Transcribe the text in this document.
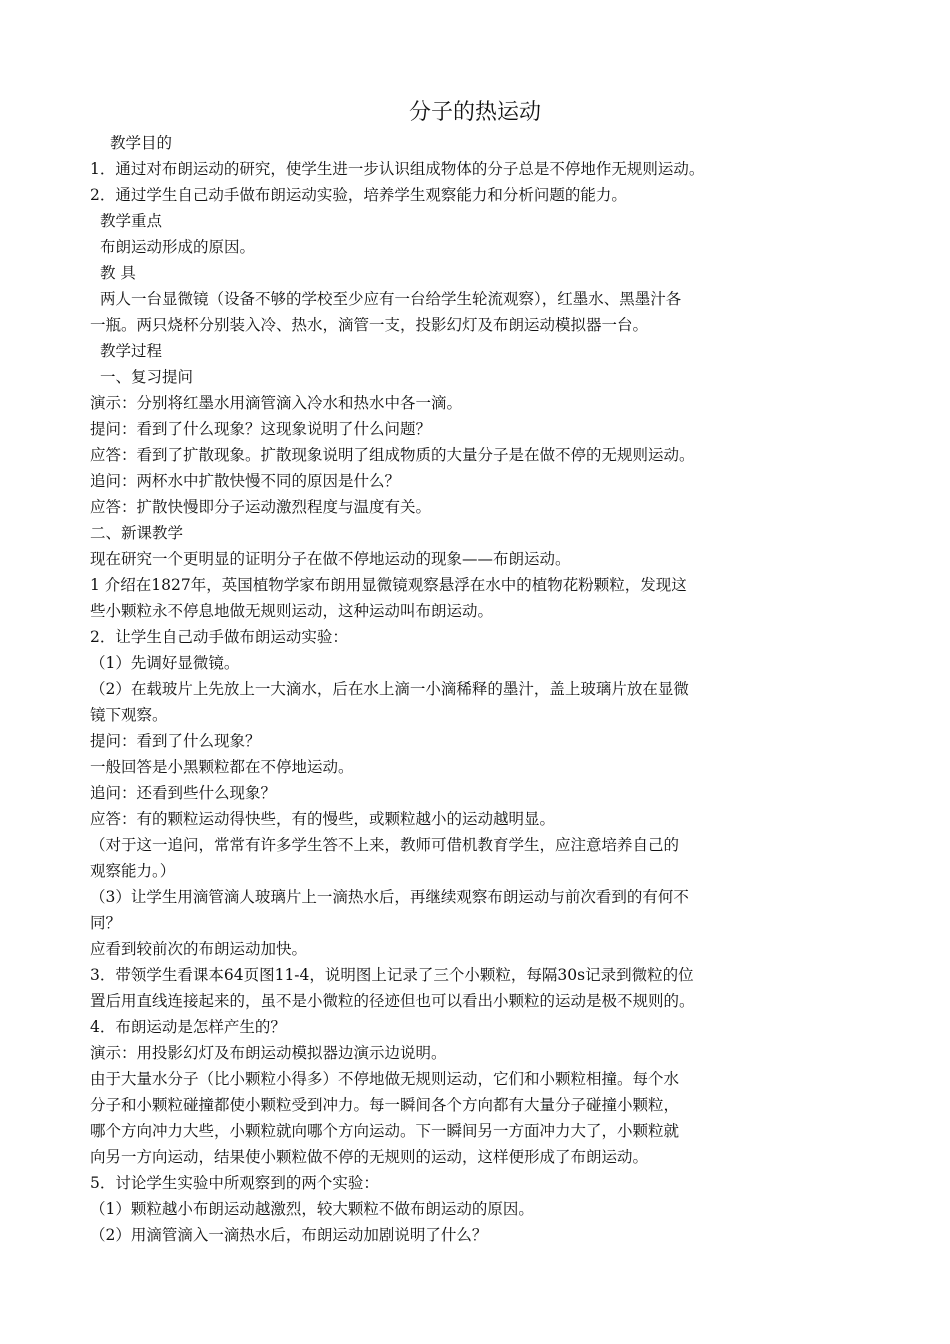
分子的热运动

教学目的

1．通过对布朗运动的研究，使学生进一步认识组成物体的分子总是不停地作无规则运动。

2．通过学生自己动手做布朗运动实验，培养学生观察能力和分析问题的能力。

教学重点

布朗运动形成的原因。

教 具

两人一台显微镜（设备不够的学校至少应有一台给学生轮流观察），红墨水、黑墨汁各

一瓶。两只烧杯分别装入冷、热水，滴管一支，投影幻灯及布朗运动模拟器一台。

教学过程

一、复习提问

演示：分别将红墨水用滴管滴入冷水和热水中各一滴。

提问：看到了什么现象？这现象说明了什么问题？

应答：看到了扩散现象。扩散现象说明了组成物质的大量分子是在做不停的无规则运动。

追问：两杯水中扩散快慢不同的原因是什么？

应答：扩散快慢即分子运动激烈程度与温度有关。

二、新课教学

现在研究一个更明显的证明分子在做不停地运动的现象——布朗运动。

1 介绍在1827年，英国植物学家布朗用显微镜观察悬浮在水中的植物花粉颗粒，发现这

些小颗粒永不停息地做无规则运动，这种运动叫布朗运动。

2．让学生自己动手做布朗运动实验：

（1）先调好显微镜。

（2）在载玻片上先放上一大滴水，后在水上滴一小滴稀释的墨汁，盖上玻璃片放在显微

镜下观察。

提问：看到了什么现象？

一般回答是小黑颗粒都在不停地运动。

追问：还看到些什么现象？

应答：有的颗粒运动得快些，有的慢些，或颗粒越小的运动越明显。

（对于这一追问，常常有许多学生答不上来，教师可借机教育学生，应注意培养自己的

观察能力。）

（3）让学生用滴管滴人玻璃片上一滴热水后，再继续观察布朗运动与前次看到的有何不

同？

应看到较前次的布朗运动加快。

3．带领学生看课本64页图11-4，说明图上记录了三个小颗粒，每隔30s记录到微粒的位

置后用直线连接起来的，虽不是小微粒的径迹但也可以看出小颗粒的运动是极不规则的。

4．布朗运动是怎样产生的？

演示：用投影幻灯及布朗运动模拟器边演示边说明。

由于大量水分子（比小颗粒小得多）不停地做无规则运动，它们和小颗粒相撞。每个水

分子和小颗粒碰撞都使小颗粒受到冲力。每一瞬间各个方向都有大量分子碰撞小颗粒，

哪个方向冲力大些，小颗粒就向哪个方向运动。下一瞬间另一方面冲力大了，小颗粒就

向另一方向运动，结果使小颗粒做不停的无规则的运动，这样便形成了布朗运动。

5．讨论学生实验中所观察到的两个实验：

（1）颗粒越小布朗运动越激烈，较大颗粒不做布朗运动的原因。

（2）用滴管滴入一滴热水后，布朗运动加剧说明了什么？
